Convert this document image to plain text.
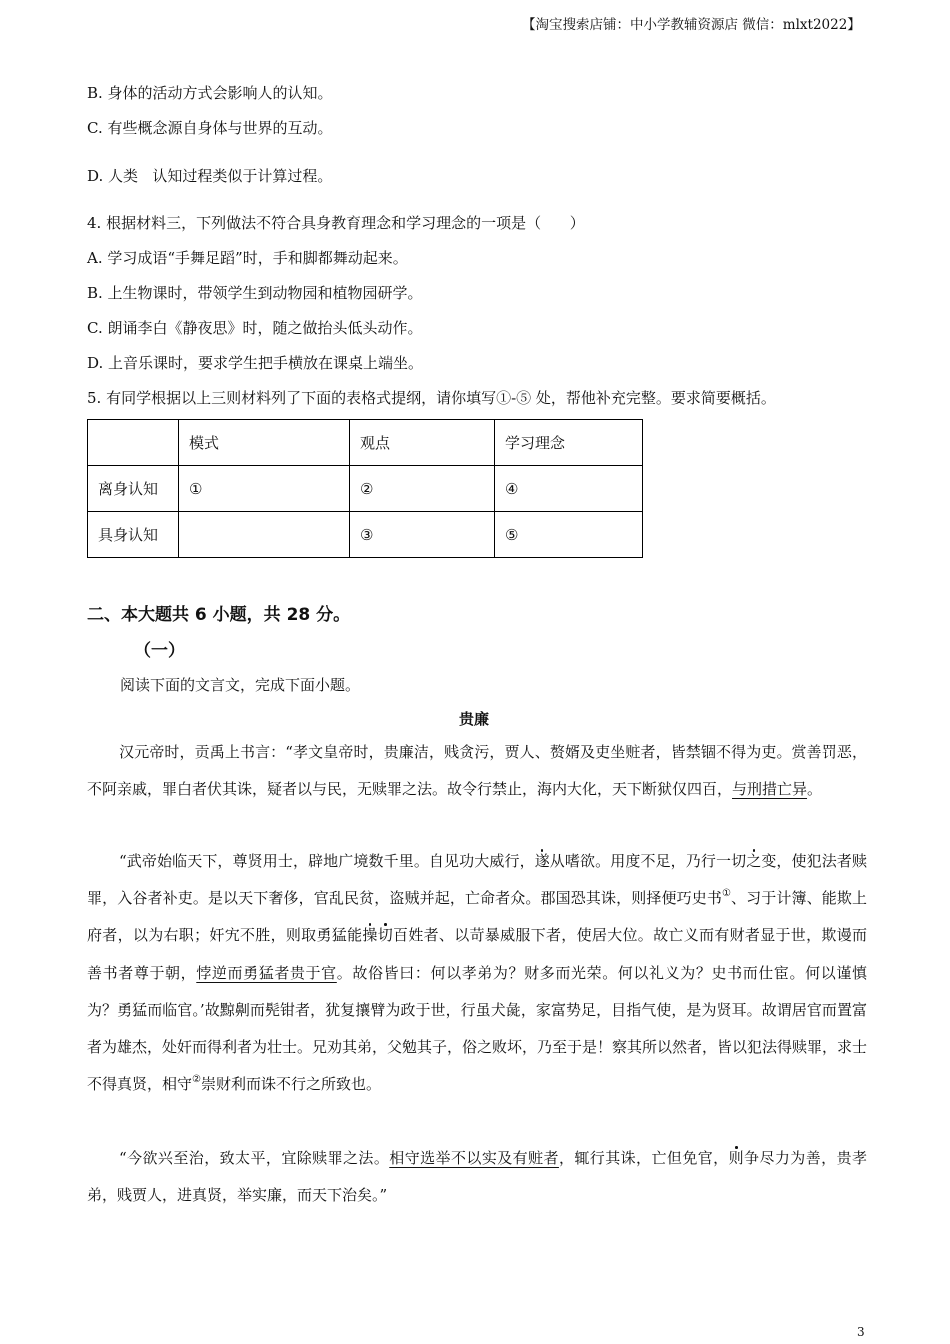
【淘宝搜索店铺：中小学教辅资源店 微信：mlxt2022】
B. 身体的活动方式会影响人的认知。
C. 有些概念源自身体与世界的互动。
D. 人类   认知过程类似于计算过程。
4. 根据材料三，下列做法不符合具身教育理念和学习理念的一项是（      ）
A. 学习成语“手舞足蹈”时，手和脚都舞动起来。
B. 上生物课时，带领学生到动物园和植物园研学。
C. 朗诵李白《静夜思》时，随之做抬头低头动作。
D. 上音乐课时，要求学生把手横放在课桌上端坐。
5. 有同学根据以上三则材料列了下面的表格式提纲，请你填写①-⑤ 处，帮他补充完整。要求简要概括。
	模式	观点	学习理念
离身认知	①	②	④
具身认知		③	⑤
二、本大题共 6 小题，共 28 分。
（一）
阅读下面的文言文，完成下面小题。
贵廉

汉元帝时，贡禹上书言：“孝文皇帝时，贵廉洁，贱贪污，贾人、赘婿及吏坐赃者，皆禁锢不得为吏。赏善罚恶，不阿亲戚，罪白者伏其诛，疑者以与民，无赎罪之法。故令行禁止，海内大化，天下断狱仅四百，与刑措亡异。

“武帝始临天下，尊贤用士，辟地广境数千里。自见功大威行，遂从嗜欲。用度不足，乃行一切之变，使犯法者赎罪，入谷者补吏。是以天下奢侈，官乱民贫，盗贼并起，亡命者众。郡国恐其诛，则择便巧史书①、习于计簿、能欺上府者，以为右职；奸宄不胜，则取勇猛能操切百姓者、以苛暴威服下者，使居大位。故亡义而有财者显于世，欺谩而善书者尊于朝，悖逆而勇猛者贵于官。故俗皆曰：何以孝弟为？财多而光荣。何以礼义为？史书而仕宦。何以谨慎为？勇猛而临官。’故黥劓而髡钳者，犹复攘臂为政于世，行虽犬彘，家富势足，目指气使，是为贤耳。故谓居官而置富者为雄杰，处奸而得利者为壮士。兄劝其弟，父勉其子，俗之败坏，乃至于是！察其所以然者，皆以犯法得赎罪，求士不得真贤，相守②崇财利而诛不行之所致也。

“今欲兴至治，致太平，宜除赎罪之法。相守选举不以实及有赃者，辄行其诛，亡但免官，则争尽力为善，贵孝弟，贱贾人，进真贤，举实廉，而天下治矣。”

3
